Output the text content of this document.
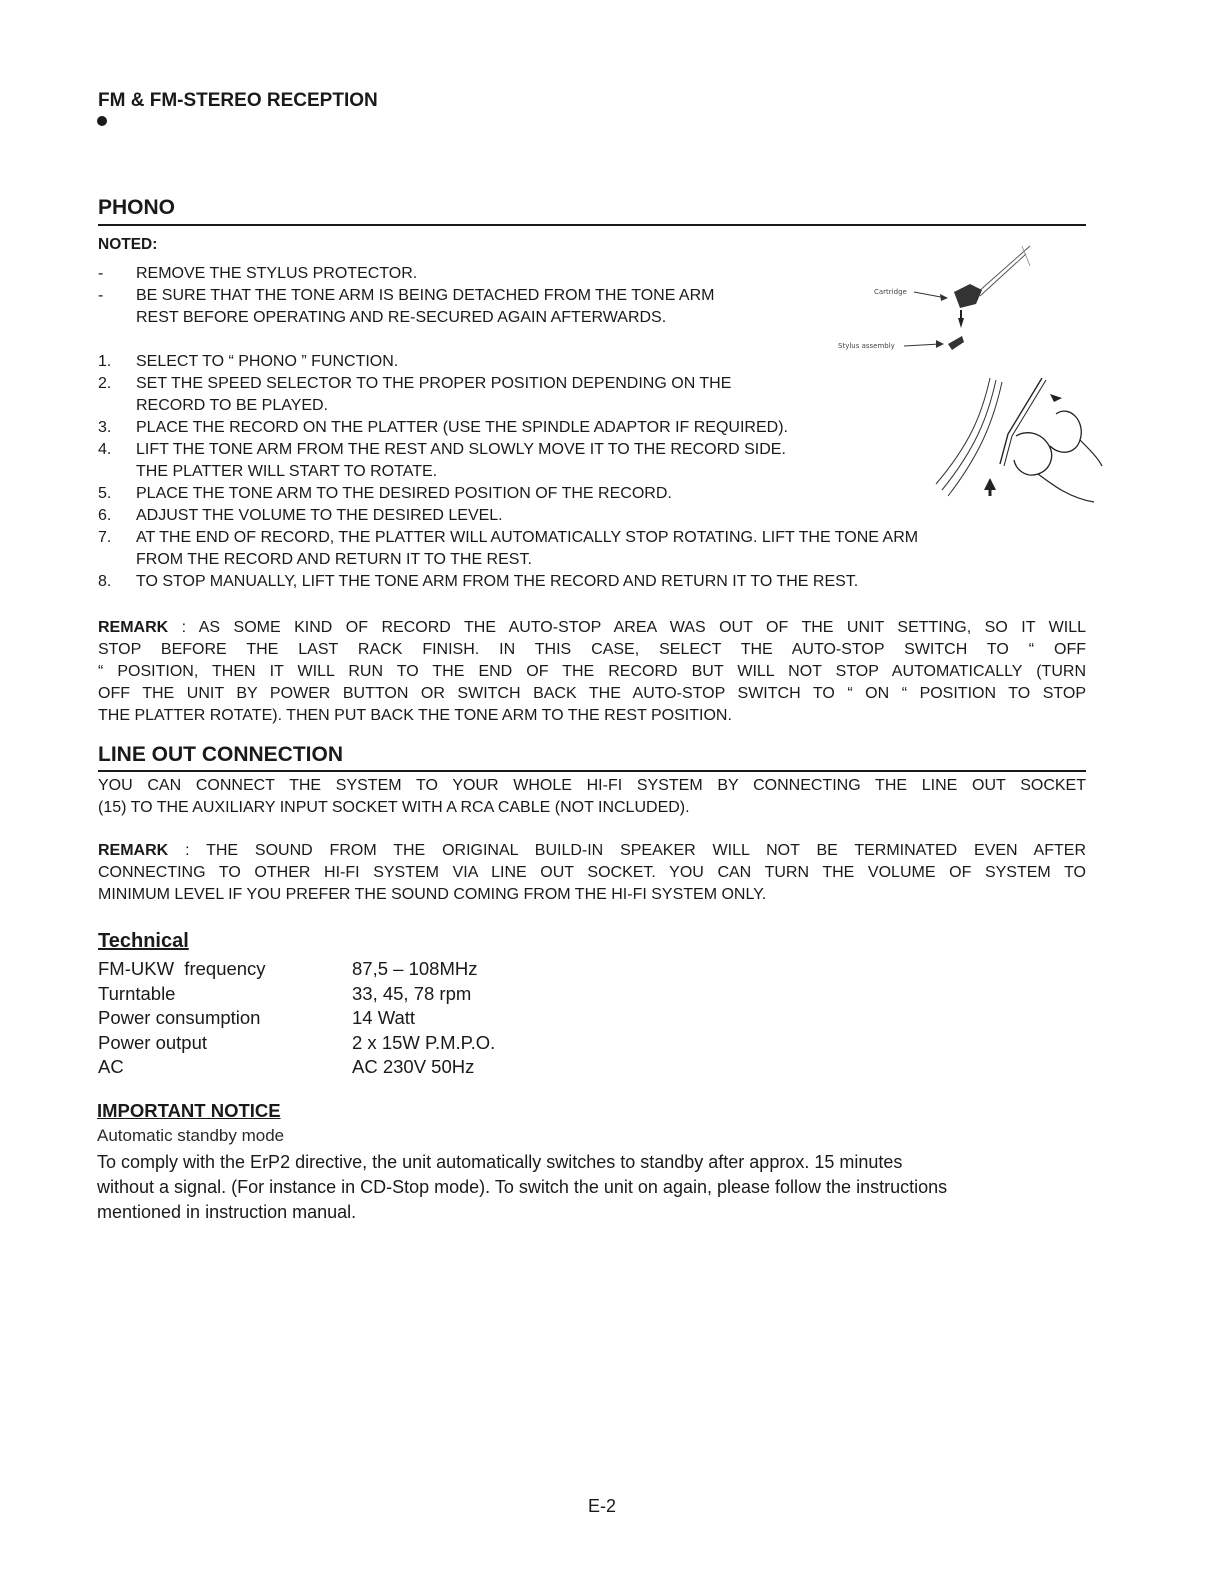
FM & FM-STEREO RECEPTION
PHONO
NOTED:
- REMOVE THE STYLUS PROTECTOR.
- BE SURE THAT THE TONE ARM IS BEING DETACHED FROM THE TONE ARM
REST BEFORE OPERATING AND RE-SECURED AGAIN AFTERWARDS.
Cartridge
Stylus assembly
1. SELECT TO “ PHONO ” FUNCTION.
2. SET THE SPEED SELECTOR TO THE PROPER POSITION DEPENDING ON THE
RECORD TO BE PLAYED.
3. PLACE THE RECORD ON THE PLATTER (USE THE SPINDLE ADAPTOR IF REQUIRED).
4. LIFT THE TONE ARM FROM THE REST AND SLOWLY MOVE IT TO THE RECORD SIDE.
THE PLATTER WILL START TO ROTATE.
5. PLACE THE TONE ARM TO THE DESIRED POSITION OF THE RECORD.
6. ADJUST THE VOLUME TO THE DESIRED LEVEL.
7. AT THE END OF RECORD, THE PLATTER WILL AUTOMATICALLY STOP ROTATING. LIFT THE TONE ARM
FROM THE RECORD AND RETURN IT TO THE REST.
8. TO STOP MANUALLY, LIFT THE TONE ARM FROM THE RECORD AND RETURN IT TO THE REST.
REMARK : AS SOME KIND OF RECORD THE AUTO-STOP AREA WAS OUT OF THE UNIT SETTING, SO IT WILL
STOP BEFORE THE LAST RACK FINISH. IN THIS CASE, SELECT THE AUTO-STOP SWITCH TO “ OFF
“ POSITION, THEN IT WILL RUN TO THE END OF THE RECORD BUT WILL NOT STOP AUTOMATICALLY (TURN
OFF THE UNIT BY POWER BUTTON OR SWITCH BACK THE AUTO-STOP SWITCH TO “ ON “ POSITION TO STOP
THE PLATTER ROTATE). THEN PUT BACK THE TONE ARM TO THE REST POSITION.
LINE OUT CONNECTION
YOU CAN CONNECT THE SYSTEM TO YOUR WHOLE HI-FI SYSTEM BY CONNECTING THE LINE OUT SOCKET
(15) TO THE AUXILIARY INPUT SOCKET WITH A RCA CABLE (NOT INCLUDED).
REMARK : THE SOUND FROM THE ORIGINAL BUILD-IN SPEAKER WILL NOT BE TERMINATED EVEN AFTER
CONNECTING TO OTHER HI-FI SYSTEM VIA LINE OUT SOCKET. YOU CAN TURN THE VOLUME OF SYSTEM TO
MINIMUM LEVEL IF YOU PREFER THE SOUND COMING FROM THE HI-FI SYSTEM ONLY.
Technical
FM-UKW  frequency	87,5 – 108MHz
Turntable	33, 45, 78 rpm
Power consumption	14 Watt
Power output	2 x 15W P.M.P.O.
AC	AC 230V 50Hz
IMPORTANT NOTICE
Automatic standby mode
To comply with the ErP2 directive, the unit automatically switches to standby after approx. 15 minutes
without a signal. (For instance in CD-Stop mode). To switch the unit on again, please follow the instructions
mentioned in instruction manual.
E-2
